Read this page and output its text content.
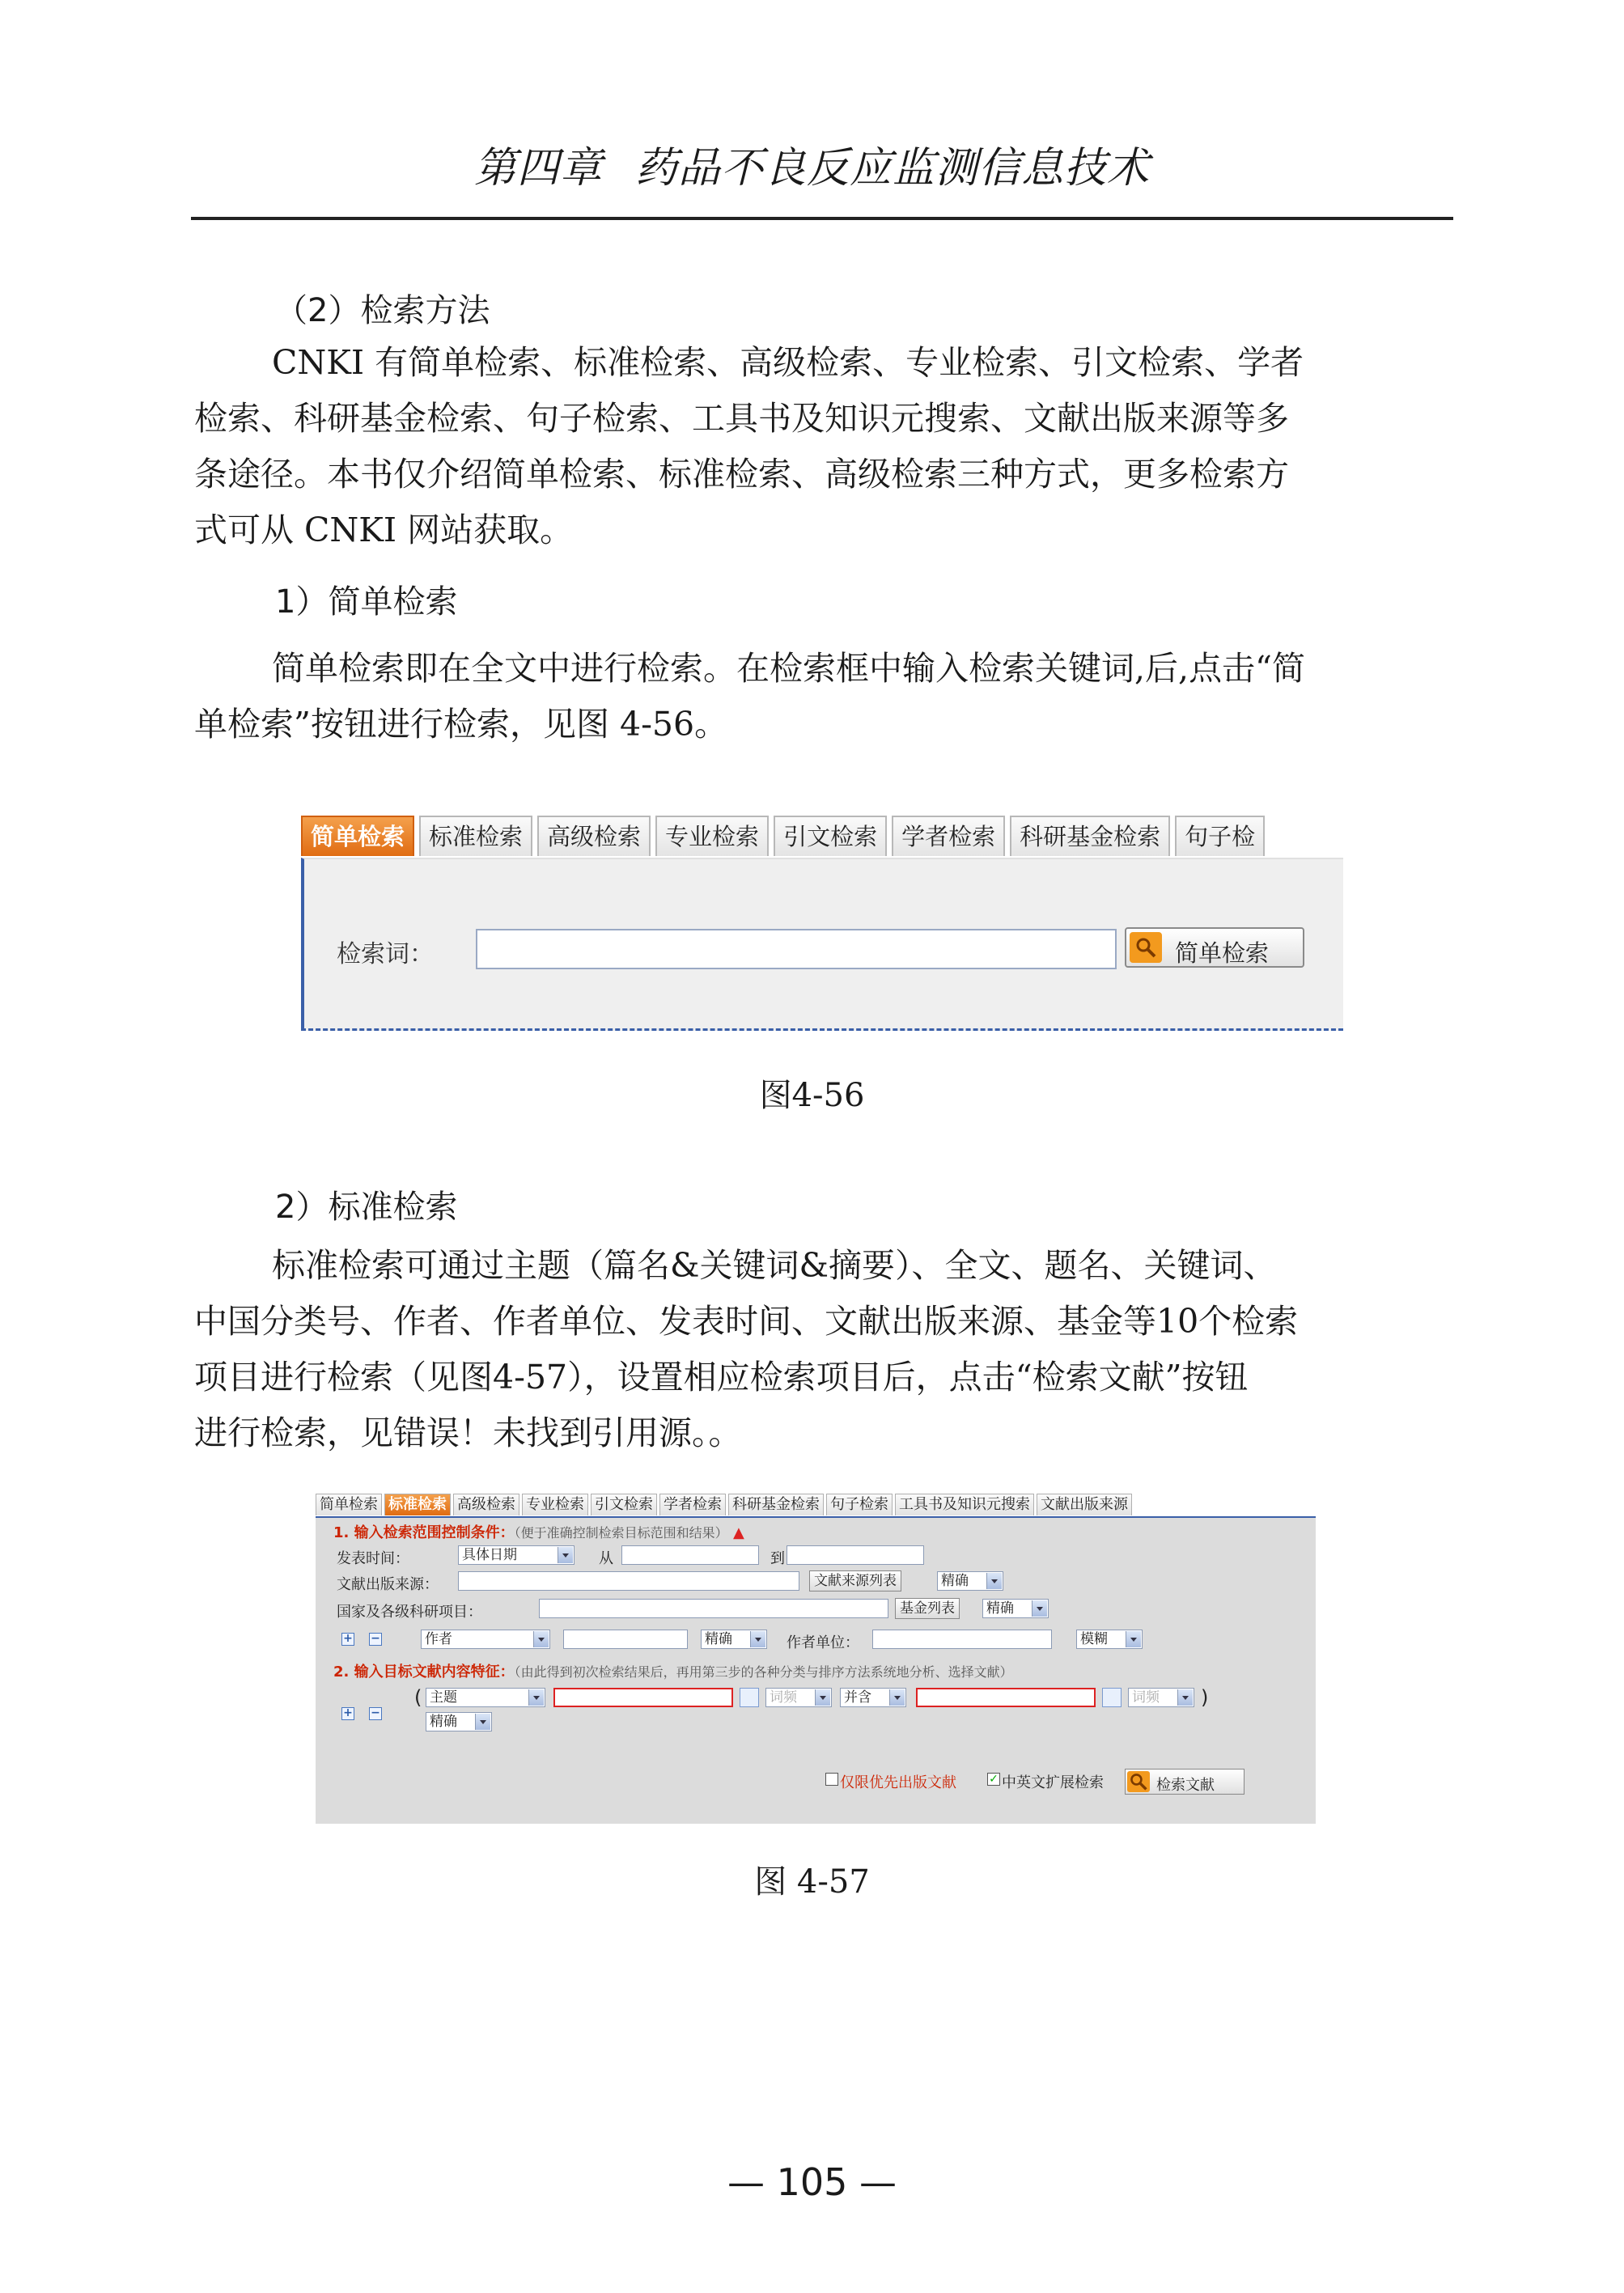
第四章 药品不良反应监测信息技术
（2）检索方法
CNKI 有简单检索、标准检索、高级检索、专业检索、引文检索、学者
检索、科研基金检索、句子检索、工具书及知识元搜索、文献出版来源等多
条途径。本书仅介绍简单检索、标准检索、高级检索三种方式，更多检索方
式可从 CNKI 网站获取。
1）简单检索
简单检索即在全文中进行检索。在检索框中输入检索关键词,后,点击“简
单检索”按钮进行检索，见图 4-56。
简单检索	标准检索	高级检索	专业检索	引文检索	学者检索	科研基金检索	句子检
检索词：	简单检索
图4-56
2）标准检索
标准检索可通过主题（篇名&关键词&摘要）、全文、题名、关键词、
中国分类号、作者、作者单位、发表时间、文献出版来源、基金等10个检索
项目进行检索（见图4-57），设置相应检索项目后，点击“检索文献”按钮
进行检索，见错误！未找到引用源。。
简单检索 标准检索 高级检索 专业检索 引文检索 学者检索 科研基金检索 句子检索 工具书及知识元搜索 文献出版来源
1. 输入检索范围控制条件：（便于准确控制检索目标范围和结果） ▲
发表时间：	具体日期	从	到
文献出版来源：	文献来源列表	精确
国家及各级科研项目：	基金列表	精确
+ −	作者	精确	作者单位：	模糊
2. 输入目标文献内容特征：（由此得到初次检索结果后，再用第三步的各种分类与排序方法系统地分析、选择文献）
+ −
( 主题	词频	并含	词频	)
精确
仅限优先出版文献	✓ 中英文扩展检索	检索文献
图 4-57
— 105 —
